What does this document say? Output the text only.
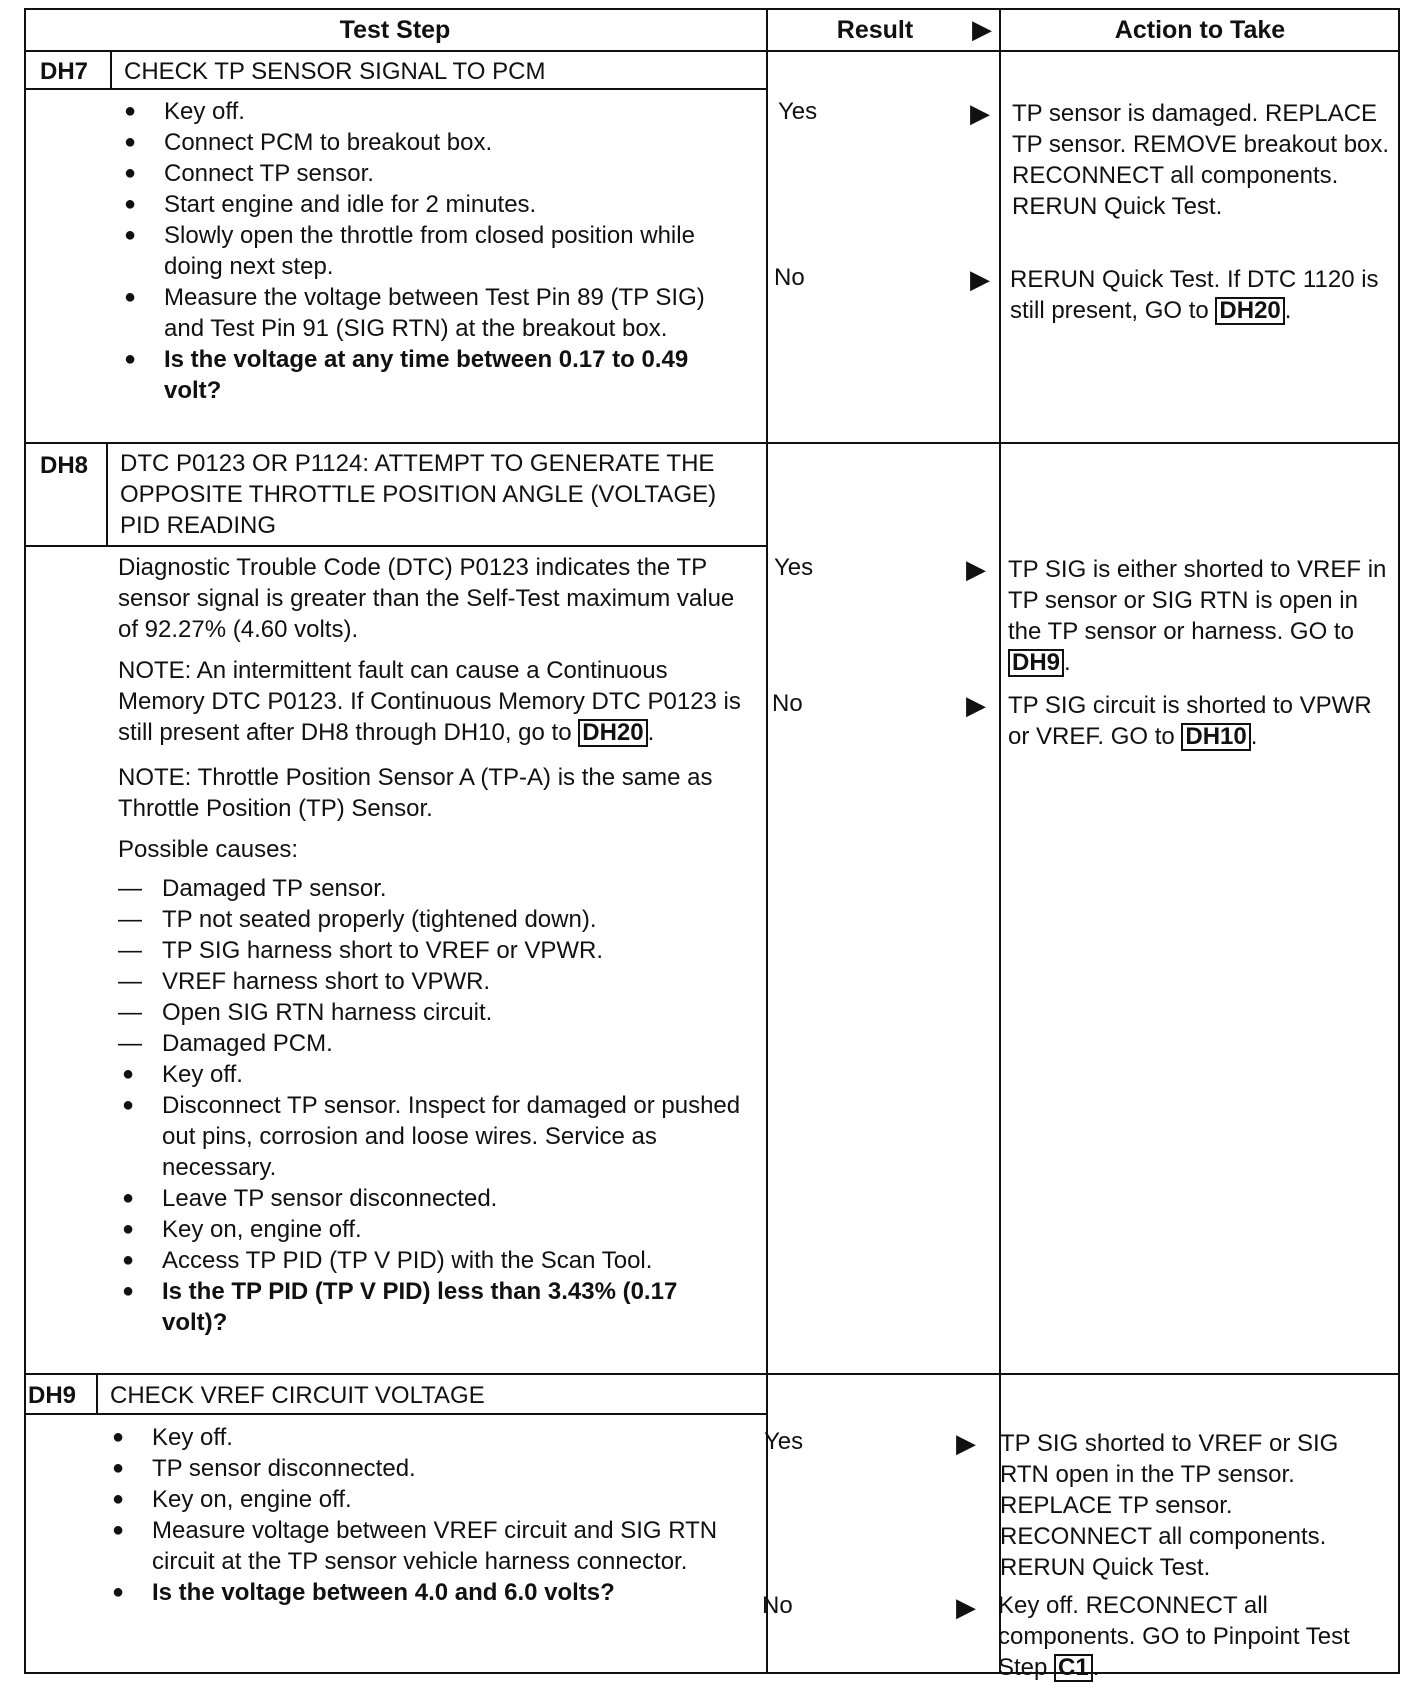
Test Step	Result	▶	Action to Take
DH7 CHECK TP SENSOR SIGNAL TO PCM
● Key off.
● Connect PCM to breakout box.
● Connect TP sensor.
● Start engine and idle for 2 minutes.
● Slowly open the throttle from closed position while doing next step.
● Measure the voltage between Test Pin 89 (TP SIG) and Test Pin 91 (SIG RTN) at the breakout box.
● Is the voltage at any time between 0.17 to 0.49 volt?
Yes	▶ TP sensor is damaged. REPLACE TP sensor. REMOVE breakout box. RECONNECT all components. RERUN Quick Test.
No	▶ RERUN Quick Test. If DTC 1120 is still present, GO to DH20 .
DH8 DTC P0123 OR P1124: ATTEMPT TO GENERATE THE OPPOSITE THROTTLE POSITION ANGLE (VOLTAGE) PID READING

Diagnostic Trouble Code (DTC) P0123 indicates the TP sensor signal is greater than the Self-Test maximum value of 92.27% (4.60 volts).

NOTE: An intermittent fault can cause a Continuous Memory DTC P0123. If Continuous Memory DTC P0123 is still present after DH8 through DH10, go to DH20 .

NOTE: Throttle Position Sensor A (TP-A) is the same as Throttle Position (TP) Sensor.

Possible causes:

— Damaged TP sensor.
— TP not seated properly (tightened down).
— TP SIG harness short to VREF or VPWR.
— VREF harness short to VPWR.
— Open SIG RTN harness circuit.
— Damaged PCM.
● Key off.
● Disconnect TP sensor. Inspect for damaged or pushed out pins, corrosion and loose wires. Service as necessary.
● Leave TP sensor disconnected.
● Key on, engine off.
● Access TP PID (TP V PID) with the Scan Tool.
● Is the TP PID (TP V PID) less than 3.43% (0.17 volt)?
Yes	▶ TP SIG is either shorted to VREF in TP sensor or SIG RTN is open in the TP sensor or harness. GO to DH9 .
No	▶ TP SIG circuit is shorted to VPWR or VREF. GO to DH10 .
DH9 CHECK VREF CIRCUIT VOLTAGE
● Key off.
● TP sensor disconnected.
● Key on, engine off.
● Measure voltage between VREF circuit and SIG RTN circuit at the TP sensor vehicle harness connector.
● Is the voltage between 4.0 and 6.0 volts?
Yes	▶ TP SIG shorted to VREF or SIG RTN open in the TP sensor. REPLACE TP sensor. RECONNECT all components. RERUN Quick Test.
No	▶ Key off. RECONNECT all components. GO to Pinpoint Test Step C1 .
